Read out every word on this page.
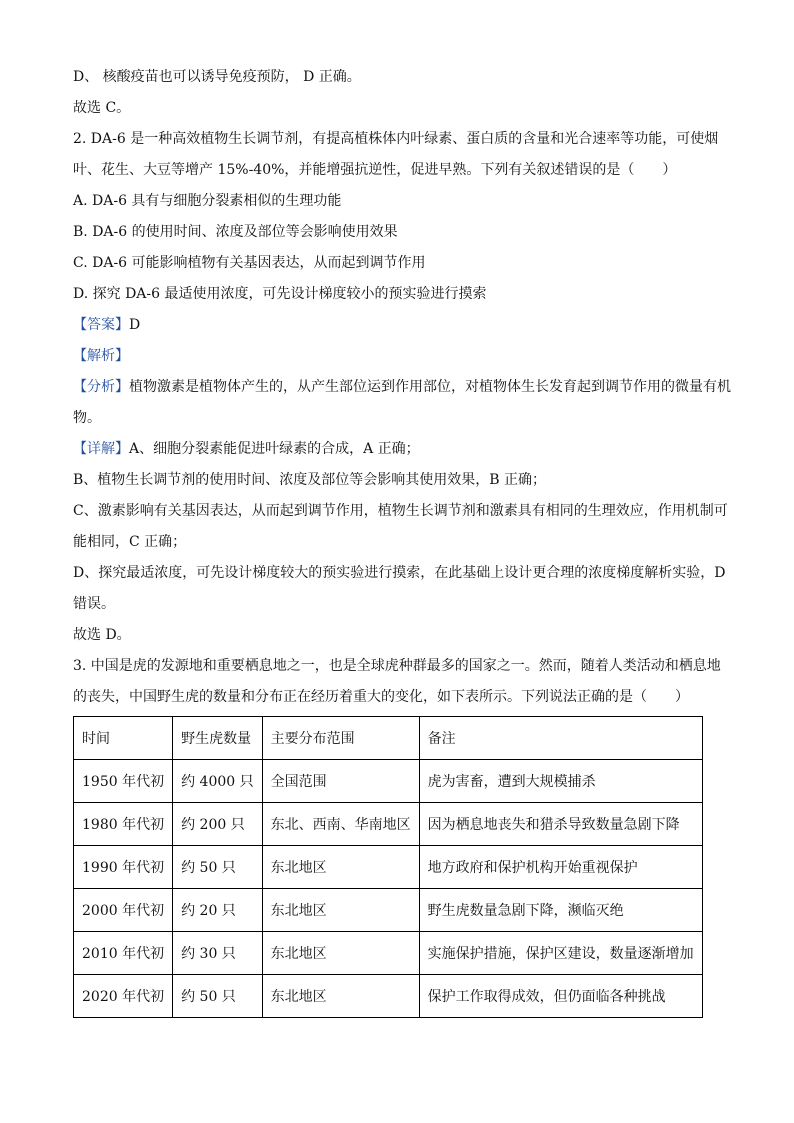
D、 核酸疫苗也可以诱导免疫预防， D 正确。
故选 C。
2. DA-6 是一种高效植物生长调节剂，有提高植株体内叶绿素、蛋白质的含量和光合速率等功能，可使烟叶、花生、大豆等增产 15%-40%，并能增强抗逆性，促进早熟。下列有关叙述错误的是（　　）
A. DA-6 具有与细胞分裂素相似的生理功能
B. DA-6 的使用时间、浓度及部位等会影响使用效果
C. DA-6 可能影响植物有关基因表达，从而起到调节作用
D. 探究 DA-6 最适使用浓度，可先设计梯度较小的预实验进行摸索
【答案】D
【解析】
【分析】植物激素是植物体产生的，从产生部位运到作用部位，对植物体生长发育起到调节作用的微量有机物。
【详解】A、细胞分裂素能促进叶绿素的合成，A 正确；
B、植物生长调节剂的使用时间、浓度及部位等会影响其使用效果，B 正确；
C、激素影响有关基因表达，从而起到调节作用，植物生长调节剂和激素具有相同的生理效应，作用机制可能相同，C 正确；
D、探究最适浓度，可先设计梯度较大的预实验进行摸索，在此基础上设计更合理的浓度梯度解析实验，D 错误。
故选 D。
3. 中国是虎的发源地和重要栖息地之一，也是全球虎种群最多的国家之一。然而，随着人类活动和栖息地的丧失，中国野生虎的数量和分布正在经历着重大的变化，如下表所示。下列说法正确的是（　　）
时间	野生虎数量	主要分布范围	备注
1950 年代初	约 4000 只	全国范围	虎为害畜，遭到大规模捕杀
1980 年代初	约 200 只	东北、西南、华南地区	因为栖息地丧失和猎杀导致数量急剧下降
1990 年代初	约 50 只	东北地区	地方政府和保护机构开始重视保护
2000 年代初	约 20 只	东北地区	野生虎数量急剧下降，濒临灭绝
2010 年代初	约 30 只	东北地区	实施保护措施，保护区建设，数量逐渐增加
2020 年代初	约 50 只	东北地区	保护工作取得成效，但仍面临各种挑战
